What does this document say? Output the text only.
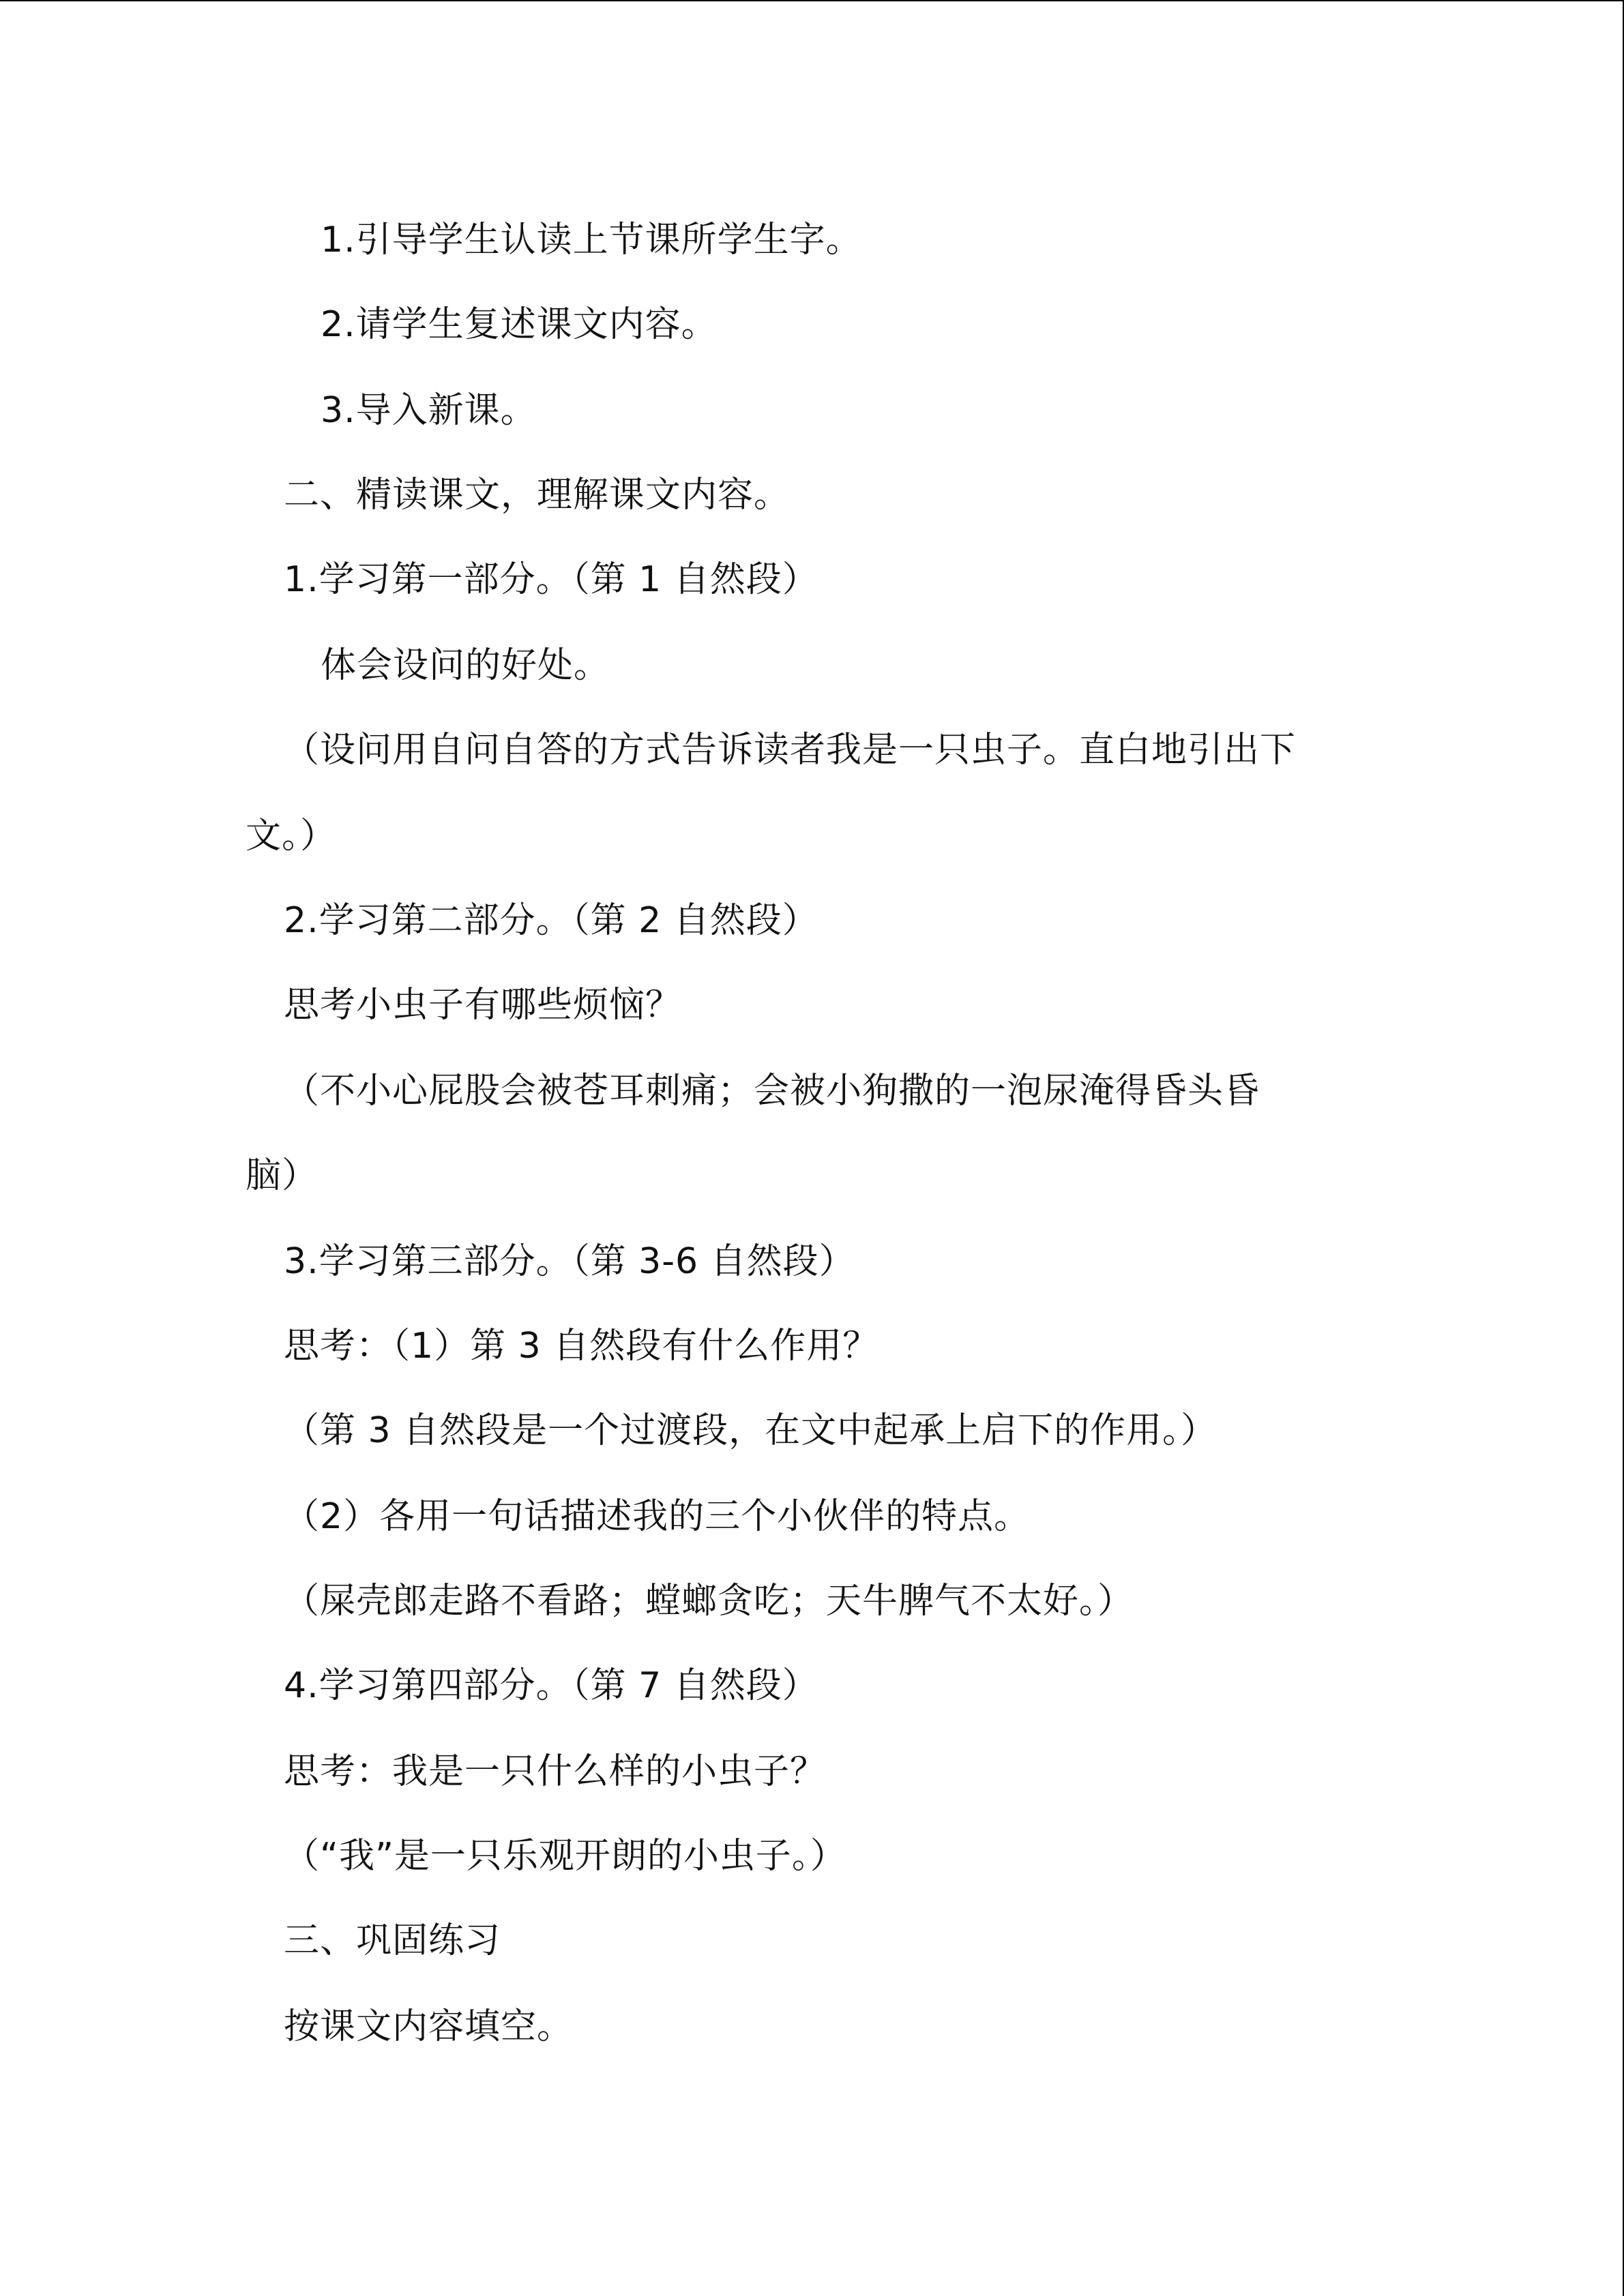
1.引导学生认读上节课所学生字。
2.请学生复述课文内容。
3.导入新课。
二、精读课文，理解课文内容。
1.学习第一部分。（第 1 自然段）
体会设问的好处。
（设问用自问自答的方式告诉读者我是一只虫子。直白地引出下
文。）
2.学习第二部分。（第 2 自然段）
思考小虫子有哪些烦恼？
（不小心屁股会被苍耳刺痛；会被小狗撒的一泡尿淹得昏头昏
脑）
3.学习第三部分。（第 3-6 自然段）
思考：（1）第 3 自然段有什么作用？
（第 3 自然段是一个过渡段，在文中起承上启下的作用。）
（2）各用一句话描述我的三个小伙伴的特点。
（屎壳郎走路不看路；螳螂贪吃；天牛脾气不太好。）
4.学习第四部分。（第 7 自然段）
思考：我是一只什么样的小虫子？
（“我”是一只乐观开朗的小虫子。）
三、巩固练习
按课文内容填空。
